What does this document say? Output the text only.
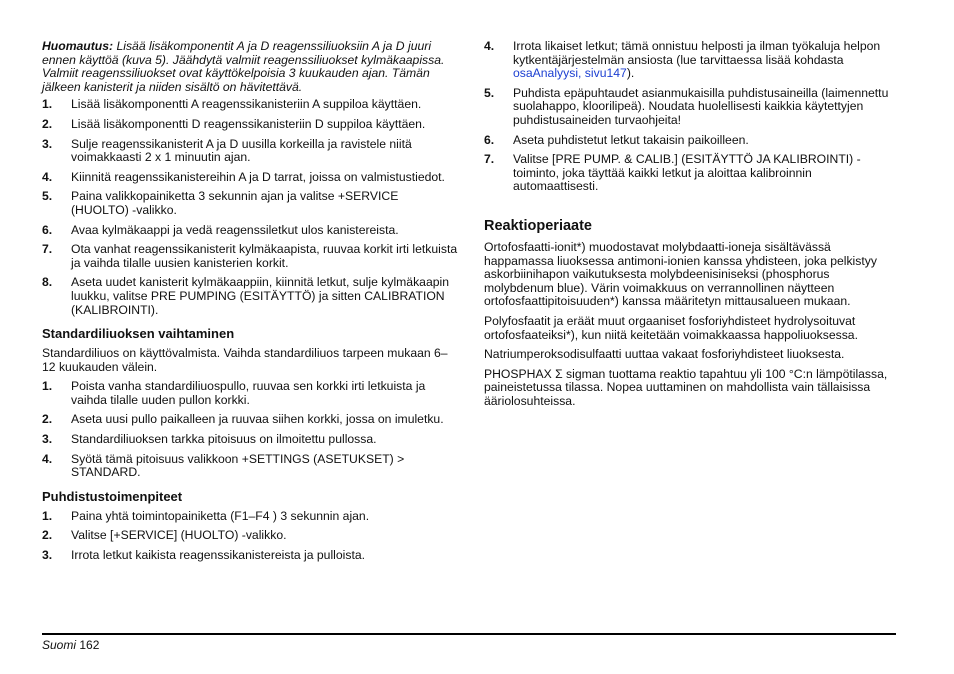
Huomautus: Lisää lisäkomponentit A ja D reagenssiliuoksiin A ja D juuri ennen käyttöä (kuva 5). Jäähdytä valmiit reagenssiliuokset kylmäkaapissa. Valmiit reagenssiliuokset ovat käyttökelpoisia 3 kuukauden ajan. Tämän jälkeen kanisterit ja niiden sisältö on hävitettävä.

1. Lisää lisäkomponentti A reagenssikanisteriin A suppiloa käyttäen.
2. Lisää lisäkomponentti D reagenssikanisteriin D suppiloa käyttäen.
3. Sulje reagenssikanisterit A ja D uusilla korkeilla ja ravistele niitä voimakkaasti 2 x 1 minuutin ajan.
4. Kiinnitä reagenssikanistereihin A ja D tarrat, joissa on valmistustiedot.
5. Paina valikkopainiketta 3 sekunnin ajan ja valitse +SERVICE (HUOLTO) -valikko.
6. Avaa kylmäkaappi ja vedä reagenssiletkut ulos kanistereista.
7. Ota vanhat reagenssikanisterit kylmäkaapista, ruuvaa korkit irti letkuista ja vaihda tilalle uusien kanisterien korkit.
8. Aseta uudet kanisterit kylmäkaappiin, kiinnitä letkut, sulje kylmäkaapin luukku, valitse PRE PUMPING (ESITÄYTTÖ) ja sitten CALIBRATION (KALIBROINTI).
Standardiliuoksen vaihtaminen

Standardiliuos on käyttövalmista. Vaihda standardiliuos tarpeen mukaan 6–12 kuukauden välein.

1. Poista vanha standardiliuospullo, ruuvaa sen korkki irti letkuista ja vaihda tilalle uuden pullon korkki.
2. Aseta uusi pullo paikalleen ja ruuvaa siihen korkki, jossa on imuletku.
3. Standardiliuoksen tarkka pitoisuus on ilmoitettu pullossa.
4. Syötä tämä pitoisuus valikkoon +SETTINGS (ASETUKSET) > STANDARD.
Puhdistustoimenpiteet
1. Paina yhtä toimintopainiketta (F1–F4 ) 3 sekunnin ajan.
2. Valitse [+SERVICE] (HUOLTO) -valikko.
3. Irrota letkut kaikista reagenssikanistereista ja pulloista.
4. Irrota likaiset letkut; tämä onnistuu helposti ja ilman työkaluja helpon kytkentäjärjestelmän ansiosta (lue tarvittaessa lisää kohdasta osaAnalyysi, sivu147).
5. Puhdista epäpuhtaudet asianmukaisilla puhdistusaineilla (laimennettu suolahappo, kloorilipeä). Noudata huolellisesti kaikkia käytettyjen puhdistusaineiden turvaohjeita!
6. Aseta puhdistetut letkut takaisin paikoilleen.
7. Valitse [PRE PUMP. & CALIB.] (ESITÄYTTÖ JA KALIBROINTI) -toiminto, joka täyttää kaikki letkut ja aloittaa kalibroinnin automaattisesti.
Reaktioperiaate

Ortofosfaatti-ionit*) muodostavat molybdaatti-ioneja sisältävässä happamassa liuoksessa antimoni-ionien kanssa yhdisteen, joka pelkistyy askorbiinihapon vaikutuksesta molybdeenisiniseksi (phosphorus molybdenum blue). Värin voimakkuus on verrannollinen näytteen ortofosfaattipitoisuuden*) kanssa määritetyn mittausalueen mukaan.

Polyfosfaatit ja eräät muut orgaaniset fosforiyhdisteet hydrolysoituvat ortofosfaateiksi*), kun niitä keitetään voimakkaassa happoliuoksessa.

Natriumperoksodisulfaatti uuttaa vakaat fosforiyhdisteet liuoksesta.

PHOSPHAX Σ sigman tuottama reaktio tapahtuu yli 100 °C:n lämpötilassa, paineistetussa tilassa. Nopea uuttaminen on mahdollista vain tällaisissa ääriolosuhteissa.

Suomi 162
